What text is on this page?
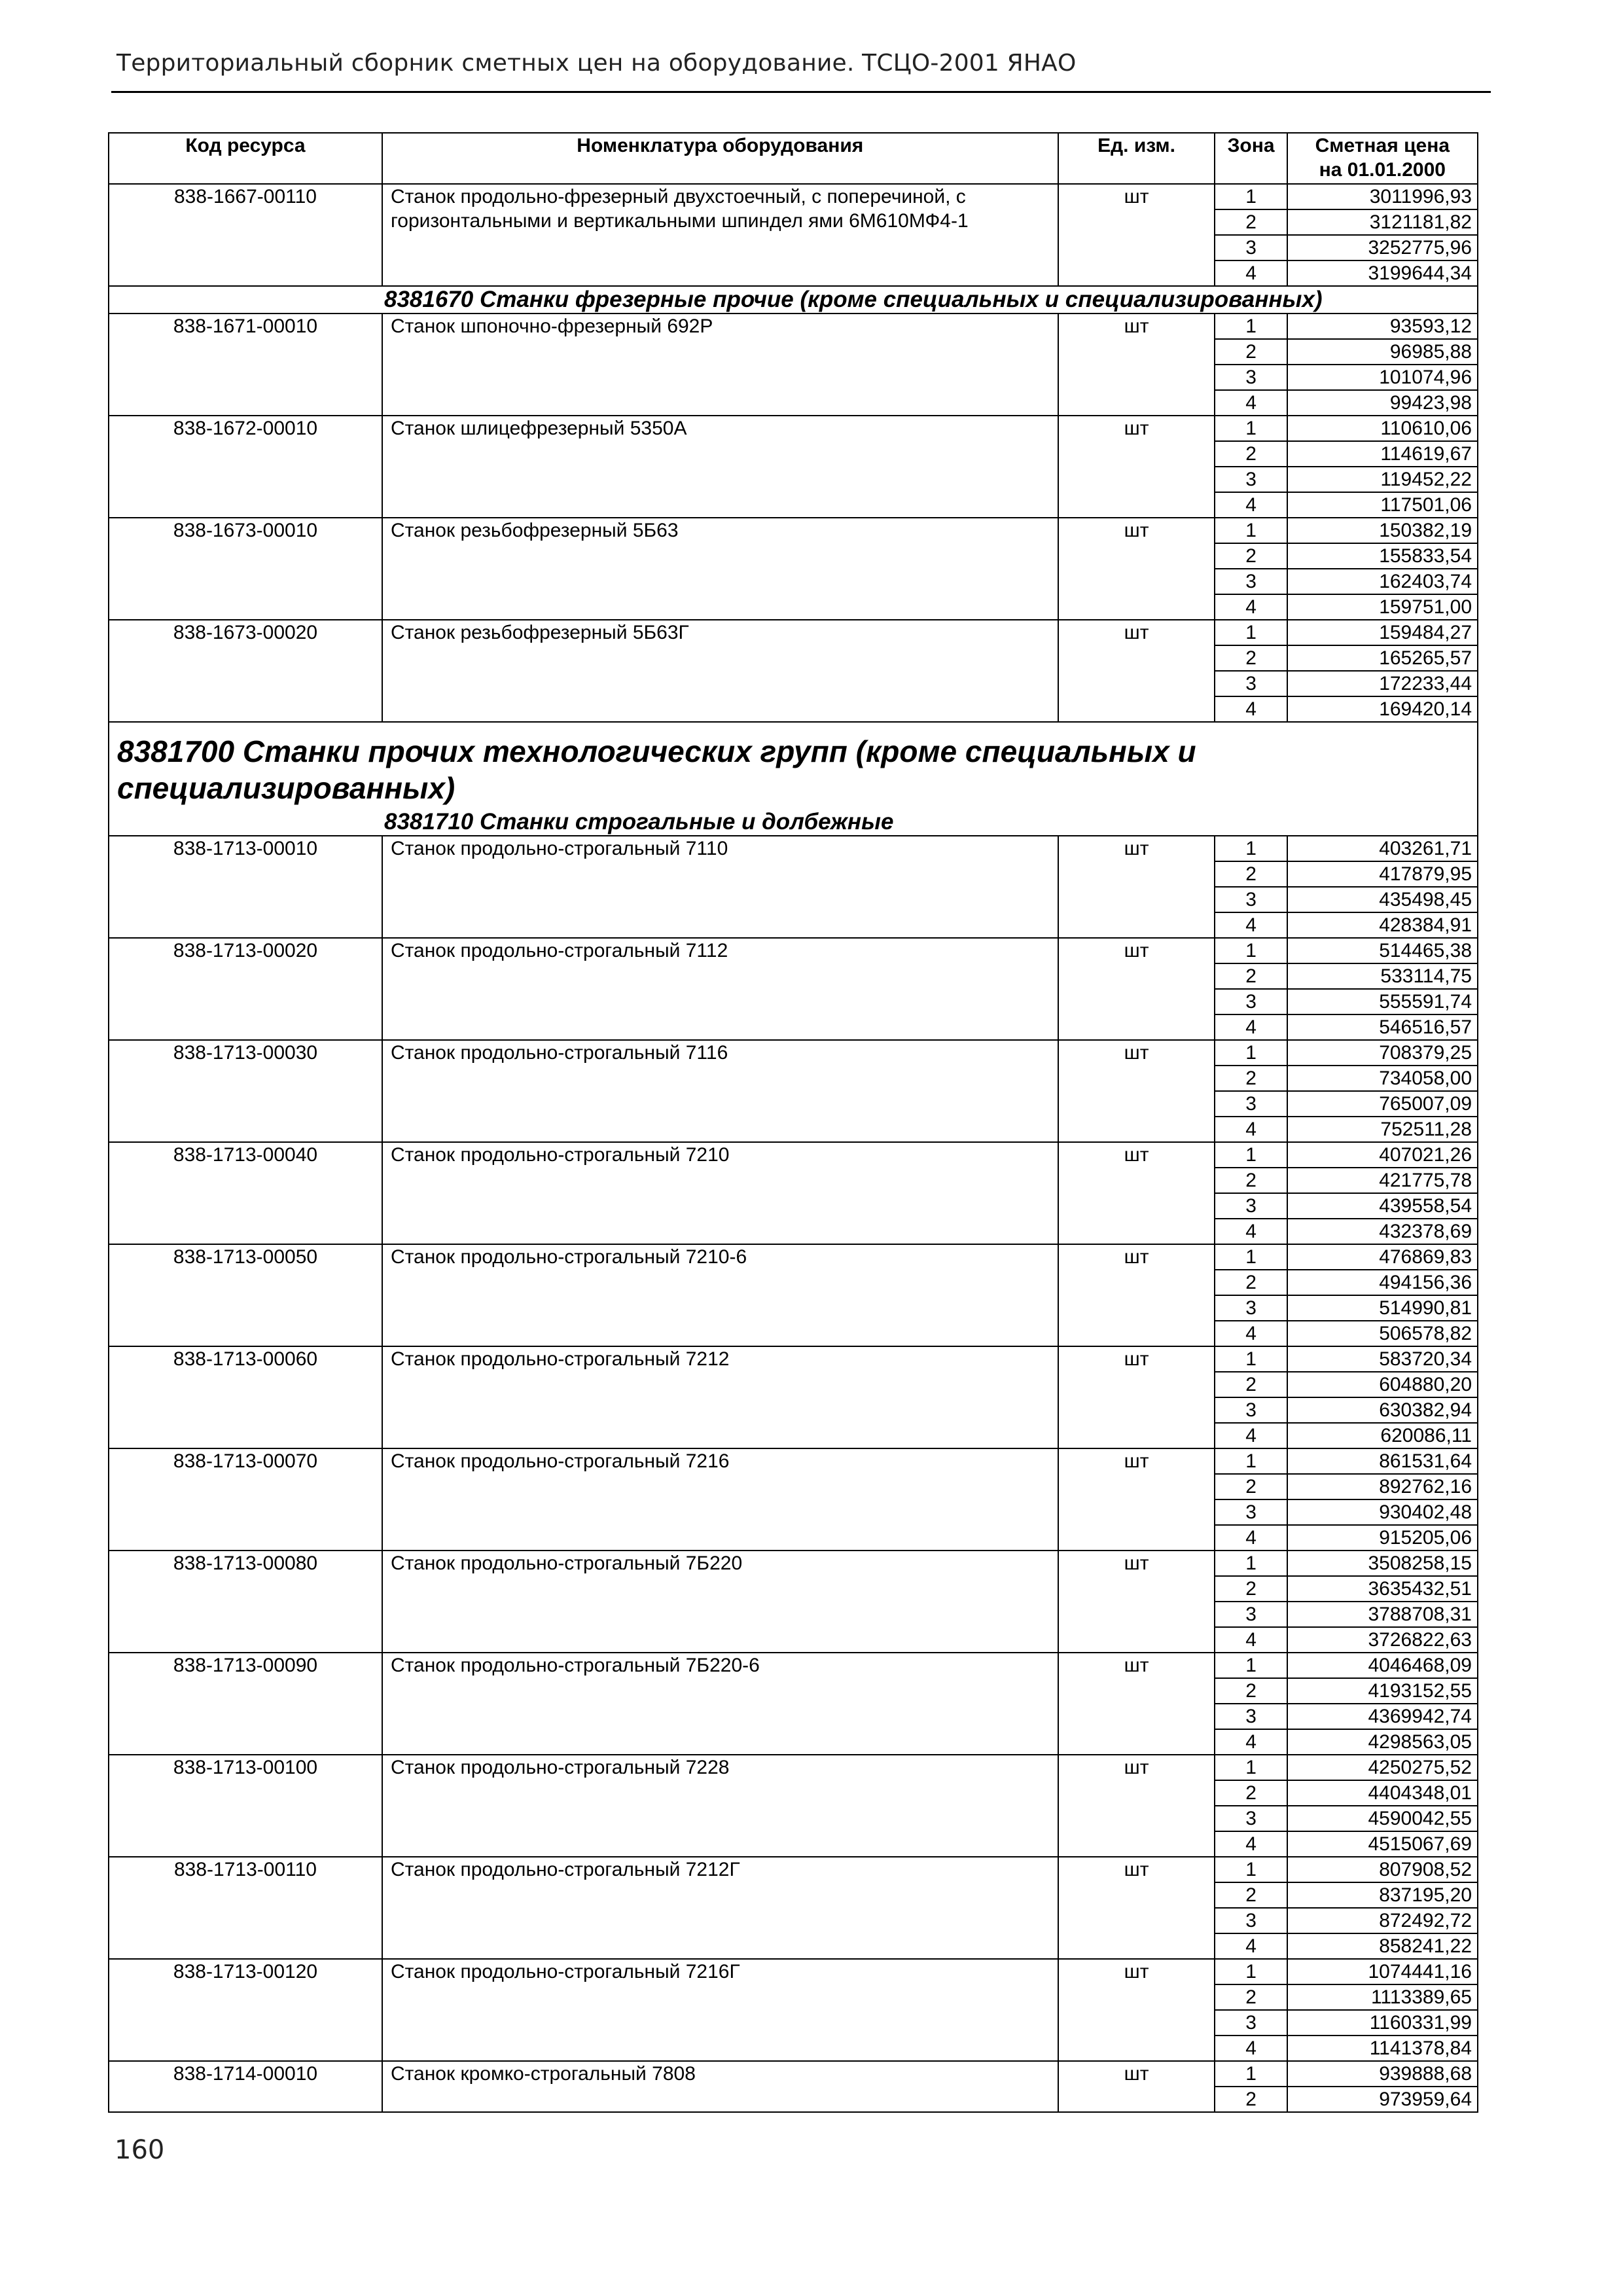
Территориальный сборник сметных цен на оборудование. ТСЦО-2001 ЯНАО
Код ресурса	Номенклатура оборудования	Ед. изм.	Зона	Сметная цена
на 01.01.2000
838-1667-00110	Станок продольно-фрезерный двухстоечный, с поперечиной, с горизонтальными и вертикальными шпиндел ями 6М610МФ4-1	шт	1	3011996,93
			2	3121181,82
			3	3252775,96
			4	3199644,34
8381670 Станки фрезерные прочие (кроме специальных и специализированных)				
838-1671-00010	Станок шпоночно-фрезерный 692Р	шт	1	93593,12
			2	96985,88
			3	101074,96
			4	99423,98
838-1672-00010	Станок шлицефрезерный 5350А	шт	1	110610,06
			2	114619,67
			3	119452,22
			4	117501,06
838-1673-00010	Станок резьбофрезерный 5Б63	шт	1	150382,19
			2	155833,54
			3	162403,74
			4	159751,00
838-1673-00020	Станок резьбофрезерный 5Б63Г	шт	1	159484,27
			2	165265,57
			3	172233,44
			4	169420,14

8381700 Станки прочих технологических групп (кроме специальных и специализированных)
8381710 Станки строгальные и долбежные				

838-1713-00010	Станок продольно-строгальный 7110	шт	1	403261,71
			2	417879,95
			3	435498,45
			4	428384,91
838-1713-00020	Станок продольно-строгальный 7112	шт	1	514465,38
			2	533114,75
			3	555591,74
			4	546516,57
838-1713-00030	Станок продольно-строгальный 7116	шт	1	708379,25
			2	734058,00
			3	765007,09
			4	752511,28
838-1713-00040	Станок продольно-строгальный 7210	шт	1	407021,26
			2	421775,78
			3	439558,54
			4	432378,69
838-1713-00050	Станок продольно-строгальный 7210-6	шт	1	476869,83
			2	494156,36
			3	514990,81
			4	506578,82
838-1713-00060	Станок продольно-строгальный 7212	шт	1	583720,34
			2	604880,20
			3	630382,94
			4	620086,11
838-1713-00070	Станок продольно-строгальный 7216	шт	1	861531,64
			2	892762,16
			3	930402,48
			4	915205,06
838-1713-00080	Станок продольно-строгальный 7Б220	шт	1	3508258,15
			2	3635432,51
			3	3788708,31
			4	3726822,63
838-1713-00090	Станок продольно-строгальный 7Б220-6	шт	1	4046468,09
			2	4193152,55
			3	4369942,74
			4	4298563,05
838-1713-00100	Станок продольно-строгальный 7228	шт	1	4250275,52
			2	4404348,01
			3	4590042,55
			4	4515067,69
838-1713-00110	Станок продольно-строгальный 7212Г	шт	1	807908,52
			2	837195,20
			3	872492,72
			4	858241,22
838-1713-00120	Станок продольно-строгальный 7216Г	шт	1	1074441,16
			2	1113389,65
			3	1160331,99
			4	1141378,84
838-1714-00010	Станок кромко-строгальный 7808	шт	1	939888,68
			2	973959,64
160
